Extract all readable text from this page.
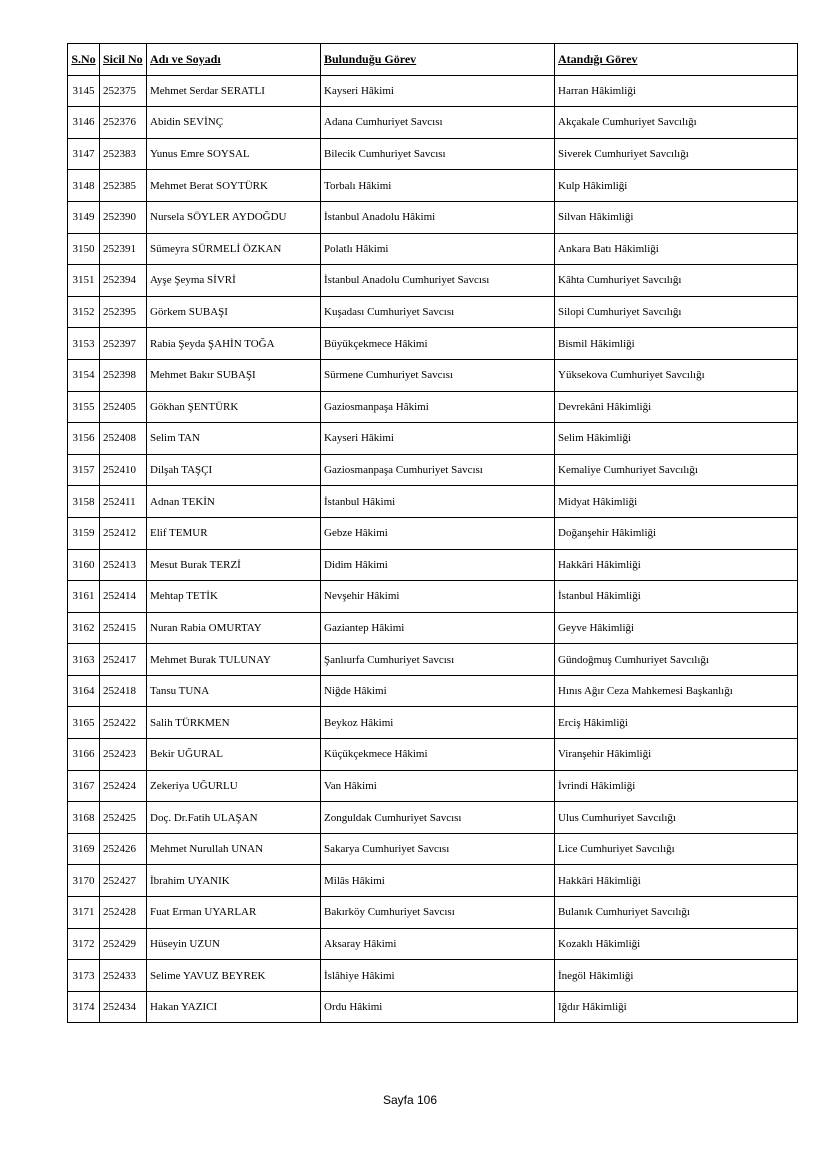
S.No	Sicil No	Adı ve Soyadı	Bulunduğu Görev	Atandığı Görev
3145	252375	Mehmet Serdar SERATLI	Kayseri Hâkimi	Harran Hâkimliği
3146	252376	Abidin SEVİNÇ	Adana Cumhuriyet Savcısı	Akçakale Cumhuriyet Savcılığı
3147	252383	Yunus Emre SOYSAL	Bilecik Cumhuriyet Savcısı	Siverek Cumhuriyet Savcılığı
3148	252385	Mehmet Berat SOYTÜRK	Torbalı Hâkimi	Kulp Hâkimliği
3149	252390	Nursela SÖYLER AYDOĞDU	İstanbul Anadolu Hâkimi	Silvan Hâkimliği
3150	252391	Sümeyra SÜRMELİ ÖZKAN	Polatlı Hâkimi	Ankara Batı Hâkimliği
3151	252394	Ayşe Şeyma SİVRİ	İstanbul Anadolu Cumhuriyet Savcısı	Kâhta Cumhuriyet Savcılığı
3152	252395	Görkem SUBAŞI	Kuşadası Cumhuriyet Savcısı	Silopi Cumhuriyet Savcılığı
3153	252397	Rabia Şeyda ŞAHİN TOĞA	Büyükçekmece Hâkimi	Bismil Hâkimliği
3154	252398	Mehmet Bakır SUBAŞI	Sürmene Cumhuriyet Savcısı	Yüksekova Cumhuriyet Savcılığı
3155	252405	Gökhan ŞENTÜRK	Gaziosmanpaşa Hâkimi	Devrekâni Hâkimliği
3156	252408	Selim TAN	Kayseri Hâkimi	Selim Hâkimliği
3157	252410	Dilşah TAŞÇI	Gaziosmanpaşa Cumhuriyet Savcısı	Kemaliye Cumhuriyet Savcılığı
3158	252411	Adnan TEKİN	İstanbul Hâkimi	Midyat Hâkimliği
3159	252412	Elif TEMUR	Gebze Hâkimi	Doğanşehir Hâkimliği
3160	252413	Mesut Burak TERZİ	Didim Hâkimi	Hakkâri Hâkimliği
3161	252414	Mehtap TETİK	Nevşehir Hâkimi	İstanbul Hâkimliği
3162	252415	Nuran Rabia OMURTAY	Gaziantep Hâkimi	Geyve Hâkimliği
3163	252417	Mehmet Burak TULUNAY	Şanlıurfa Cumhuriyet Savcısı	Gündoğmuş Cumhuriyet Savcılığı
3164	252418	Tansu TUNA	Niğde Hâkimi	Hınıs Ağır Ceza Mahkemesi Başkanlığı
3165	252422	Salih TÜRKMEN	Beykoz Hâkimi	Erciş Hâkimliği
3166	252423	Bekir UĞURAL	Küçükçekmece Hâkimi	Viranşehir Hâkimliği
3167	252424	Zekeriya UĞURLU	Van Hâkimi	İvrindi Hâkimliği
3168	252425	Doç. Dr.Fatih ULAŞAN	Zonguldak Cumhuriyet Savcısı	Ulus Cumhuriyet Savcılığı
3169	252426	Mehmet Nurullah UNAN	Sakarya Cumhuriyet Savcısı	Lice Cumhuriyet Savcılığı
3170	252427	İbrahim UYANIK	Milâs Hâkimi	Hakkâri Hâkimliği
3171	252428	Fuat Erman UYARLAR	Bakırköy Cumhuriyet Savcısı	Bulanık Cumhuriyet Savcılığı
3172	252429	Hüseyin UZUN	Aksaray Hâkimi	Kozaklı Hâkimliği
3173	252433	Selime YAVUZ BEYREK	İslâhiye Hâkimi	İnegöl Hâkimliği
3174	252434	Hakan YAZICI	Ordu Hâkimi	Iğdır Hâkimliği
Sayfa 106
